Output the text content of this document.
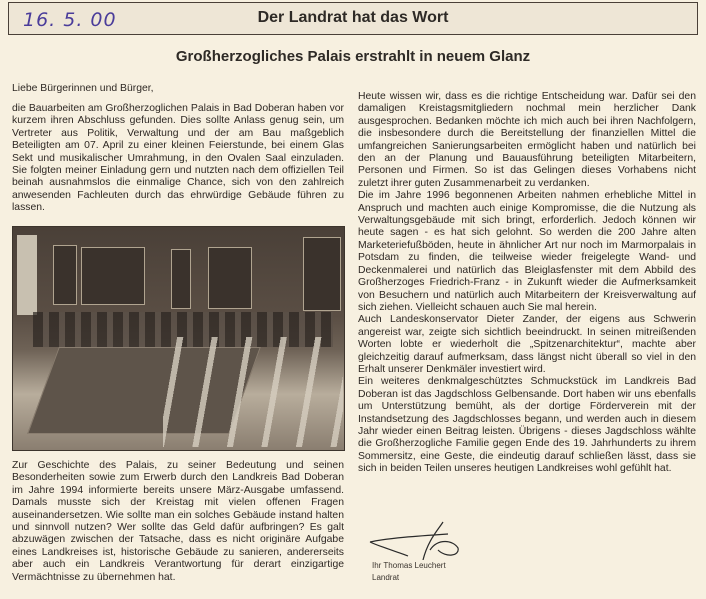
16. 5. 00	Der Landrat hat das Wort
Großherzogliches Palais erstrahlt in neuem Glanz

Liebe Bürgerinnen und Bürger,

die Bauarbeiten am Großherzoglichen Palais in Bad Doberan haben vor kurzem ihren Abschluss gefunden. Dies sollte Anlass genug sein, um Vertreter aus Politik, Verwaltung und der am Bau maßgeblich Beteiligten am 07. April zu einer kleinen Feierstunde, bei einem Glas Sekt und musikalischer Umrahmung, in den Ovalen Saal einzuladen. Sie folgten meiner Einladung gern und nutzten nach dem offiziellen Teil beinah ausnahmslos die einmalige Chance, sich von den zahlreich anwesenden Fachleuten durch das ehrwürdige Gebäude führen zu lassen.

Zur Geschichte des Palais, zu seiner Bedeutung und seinen Besonderheiten sowie zum Erwerb durch den Landkreis Bad Doberan im Jahre 1994 informierte bereits unsere März-Ausgabe umfassend. Damals musste sich der Kreistag mit vielen offenen Fragen auseinandersetzen. Wie sollte man ein solches Gebäude instand halten und sinnvoll nutzen? Wer sollte das Geld dafür aufbringen? Es galt abzuwägen zwischen der Tatsache, dass es nicht originäre Aufgabe eines Landkreises ist, historische Gebäude zu sanieren, andererseits aber auch ein Landkreis Verantwortung für derart einzigartige Vermächtnisse zu übernehmen hat.

Heute wissen wir, dass es die richtige Entscheidung war. Dafür sei den damaligen Kreistagsmitgliedern nochmal mein herzlicher Dank ausgesprochen. Bedanken möchte ich mich auch bei ihren Nachfolgern, die insbesondere durch die Bereitstellung der finanziellen Mittel die umfangreichen Sanierungsarbeiten ermöglicht haben und natürlich bei den an der Planung und Bauausführung beteiligten Mitarbeitern, Personen und Firmen. So ist das Gelingen dieses Vorhabens nicht zuletzt ihrer guten Zusammenarbeit zu verdanken.

Die im Jahre 1996 begonnenen Arbeiten nahmen erhebliche Mittel in Anspruch und machten auch einige Kompromisse, die die Nutzung als Verwaltungsgebäude mit sich bringt, erforderlich. Jedoch können wir heute sagen - es hat sich gelohnt. So werden die 200 Jahre alten Marketeriefußböden, heute in ähnlicher Art nur noch im Marmorpalais in Potsdam zu finden, die teilweise wieder freigelegte Wand- und Deckenmalerei und natürlich das Bleiglasfenster mit dem Abbild des Großherzoges Friedrich-Franz - in Zukunft wieder die Aufmerksamkeit von Besuchern und natürlich auch Mitarbeitern der Kreisverwaltung auf sich ziehen. Vielleicht schauen auch Sie mal herein.

Auch Landeskonservator Dieter Zander, der eigens aus Schwerin angereist war, zeigte sich sichtlich beeindruckt. In seinen mitreißenden Worten lobte er wiederholt die „Spitzenarchitektur“, machte aber gleichzeitig darauf aufmerksam, dass längst nicht überall so viel in den Erhalt unserer Denkmäler investiert wird.

Ein weiteres denkmalgeschütztes Schmuckstück im Landkreis Bad Doberan ist das Jagdschloss Gelbensande. Dort haben wir uns ebenfalls um Unterstützung bemüht, als der dortige Förderverein mit der Instandsetzung des Jagdschlosses begann, und werden auch in diesem Jahr wieder einen Beitrag leisten. Übrigens - dieses Jagdschloss wählte die Großherzogliche Familie gegen Ende des 19. Jahrhunderts zu ihrem Sommersitz, eine Geste, die eindeutig darauf schließen lässt, dass sie sich in beiden Teilen unseres heutigen Landkreises wohl gefühlt hat.

Ihr Thomas Leuchert
Landrat
